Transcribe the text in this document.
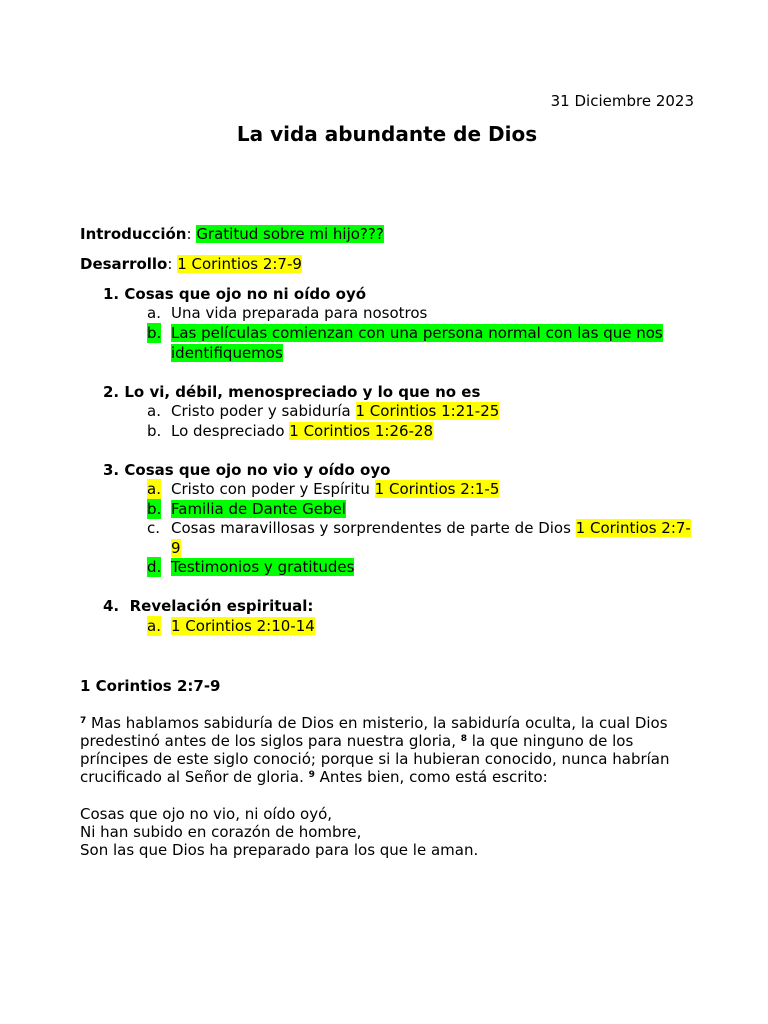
31 Diciembre 2023
La vida abundante de Dios
Introducción: Gratitud sobre mi hijo???
Desarrollo: 1 Corintios 2:7-9
1. Cosas que ojo no ni oído oyó
a. Una vida preparada para nosotros
b. Las películas comienzan con una persona normal con las que nos
identifiquemos
2. Lo vi, débil, menospreciado y lo que no es
a. Cristo poder y sabiduría 1 Corintios 1:21-25
b. Lo despreciado 1 Corintios 1:26-28
3. Cosas que ojo no vio y oído oyo
a. Cristo con poder y Espíritu 1 Corintios 2:1-5
b. Familia de Dante Gebel
c. Cosas maravillosas y sorprendentes de parte de Dios 1 Corintios 2:7-
9
d. Testimonios y gratitudes
4. Revelación espiritual:
a. 1 Corintios 2:10-14
1 Corintios 2:7-9
$^7$ Mas hablamos sabiduría de Dios en misterio, la sabiduría oculta, la cual Dios predestinó antes de los siglos para nuestra gloria, $^8$ la que ninguno de los príncipes de este siglo conoció; porque si la hubieran conocido, nunca habrían crucificado al Señor de gloria. $^9$ Antes bien, como está escrito:
Cosas que ojo no vio, ni oído oyó,
Ni han subido en corazón de hombre,
Son las que Dios ha preparado para los que le aman.
